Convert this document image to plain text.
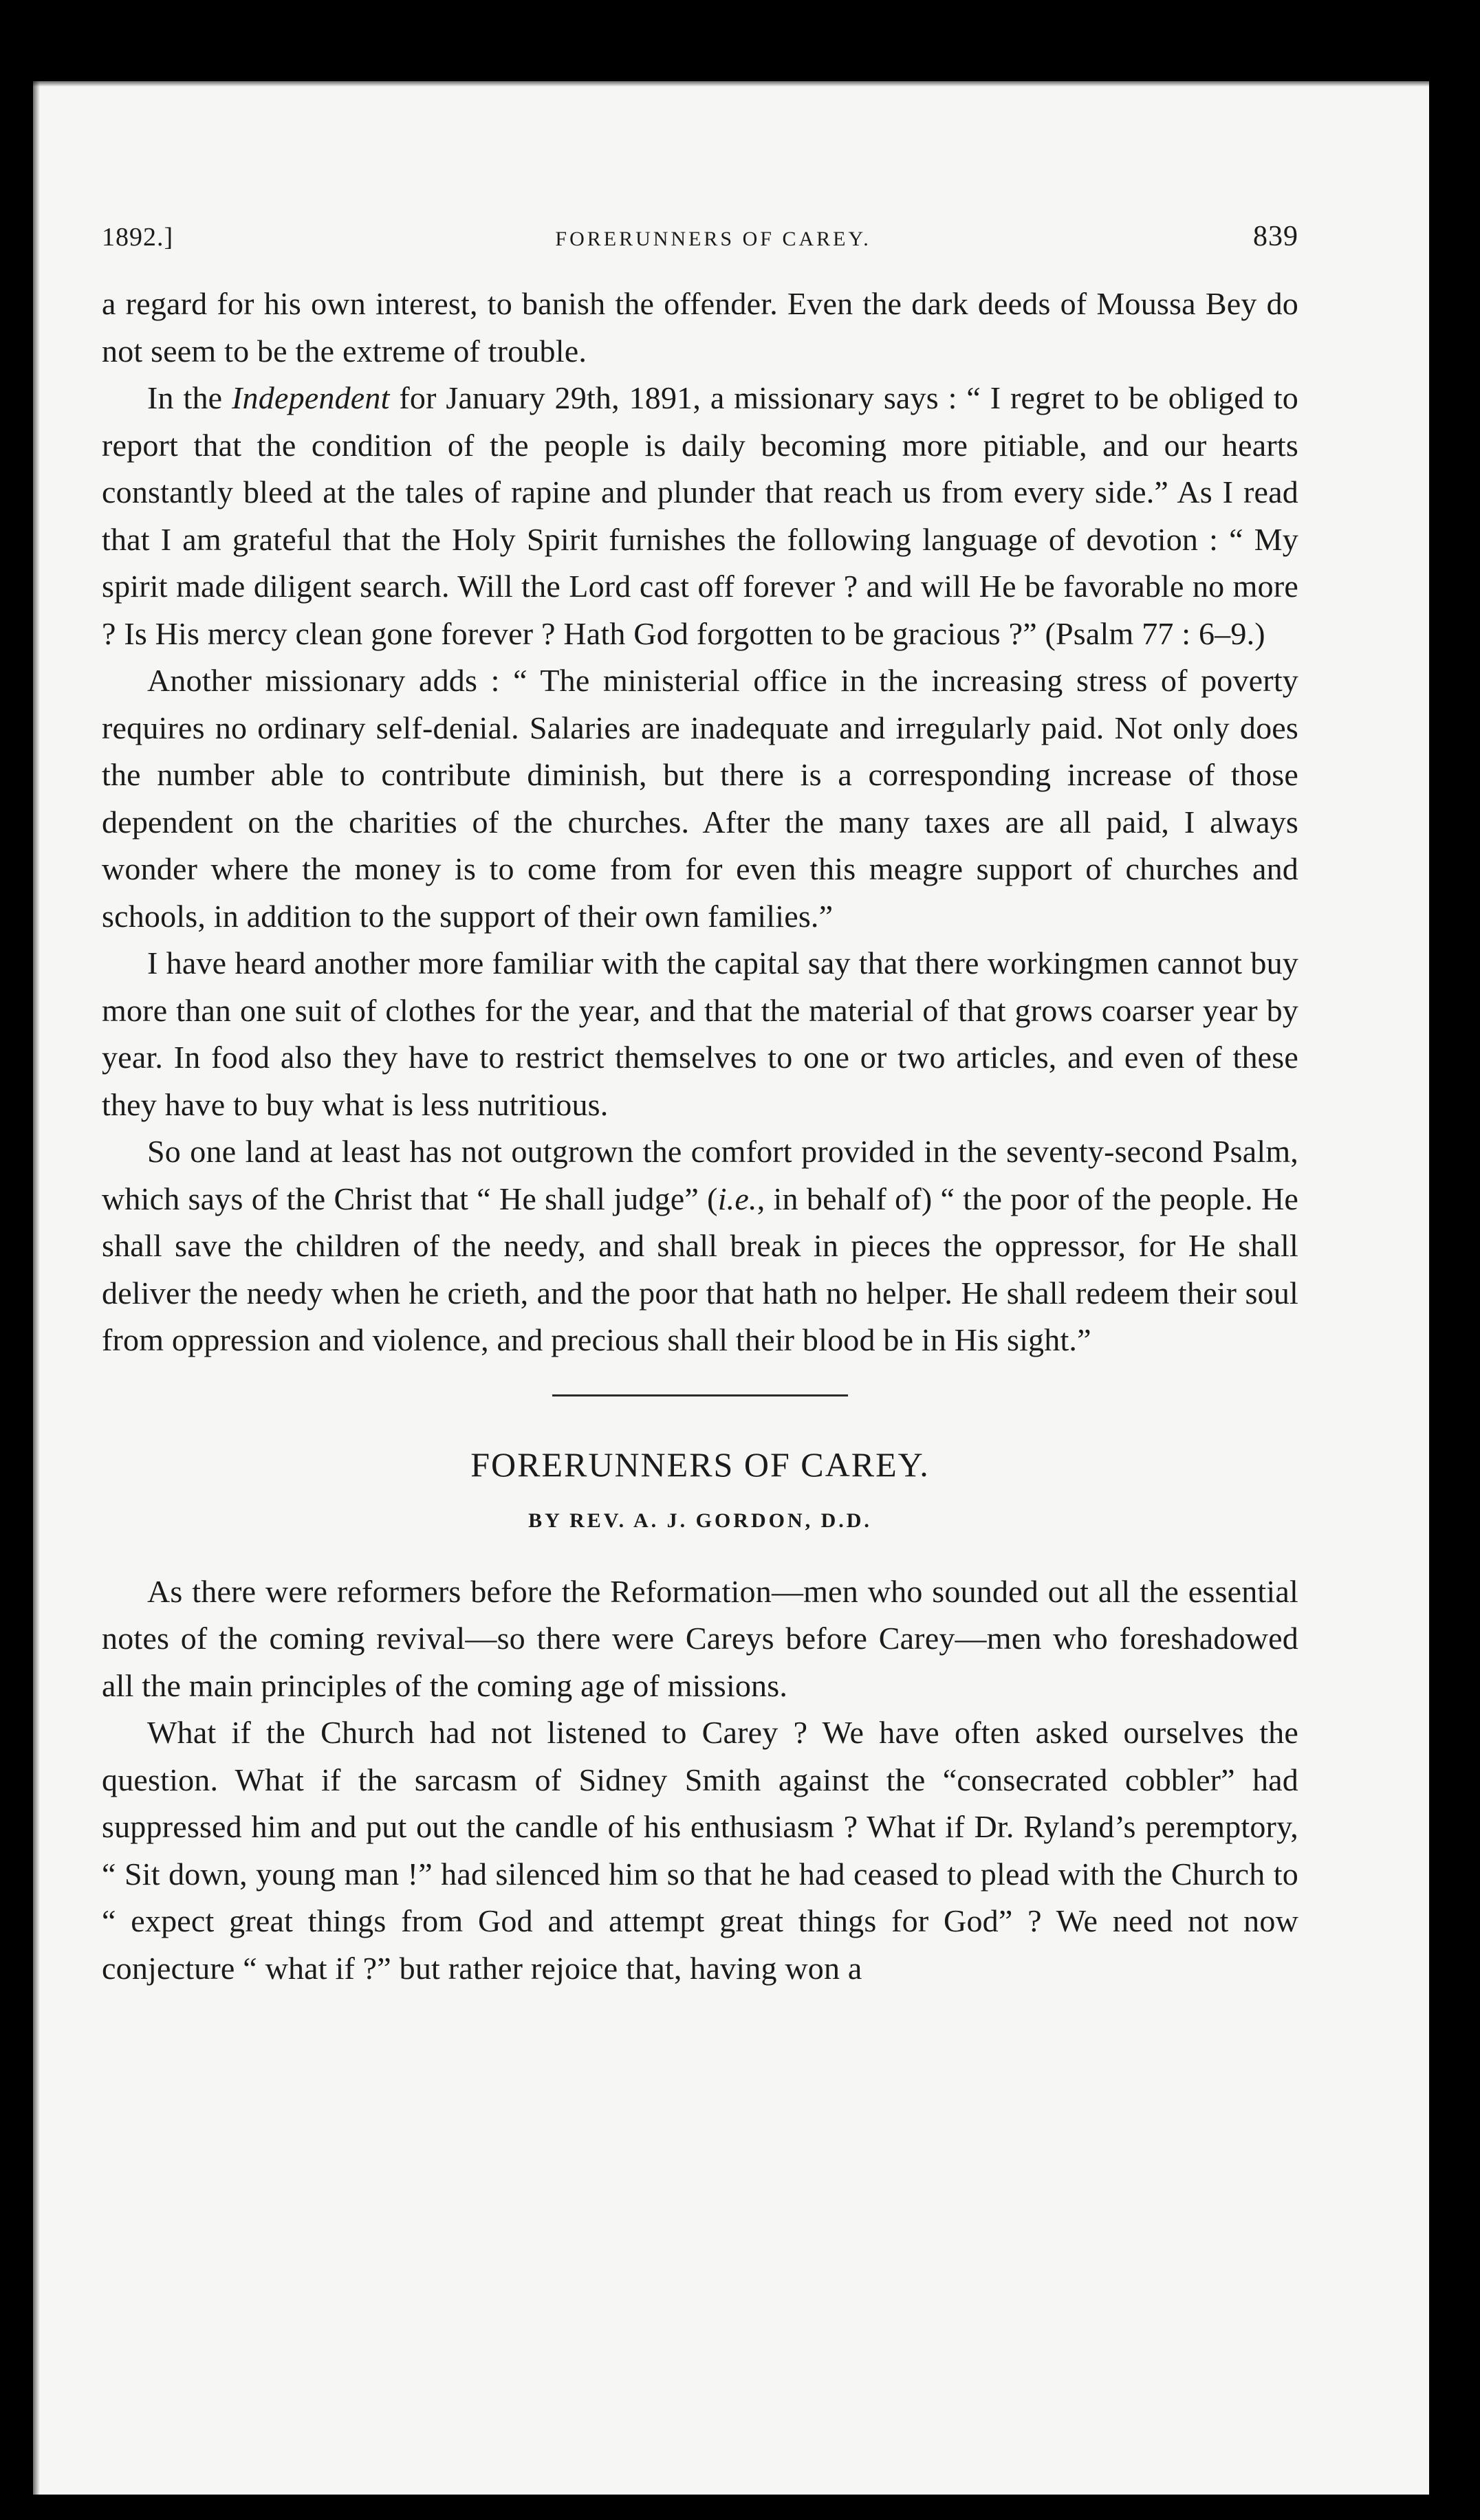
1892.]	FORERUNNERS OF CAREY.	839

a regard for his own interest, to banish the offender. Even the dark deeds of Moussa Bey do not seem to be the extreme of trouble.

In the Independent for January 29th, 1891, a missionary says : “ I regret to be obliged to report that the condition of the people is daily becoming more pitiable, and our hearts constantly bleed at the tales of rapine and plunder that reach us from every side.” As I read that I am grateful that the Holy Spirit furnishes the following language of devotion : “ My spirit made diligent search. Will the Lord cast off forever ? and will He be favorable no more ? Is His mercy clean gone forever ? Hath God forgotten to be gracious ?” (Psalm 77 : 6–9.)

Another missionary adds : “ The ministerial office in the increasing stress of poverty requires no ordinary self-denial. Salaries are inadequate and irregularly paid. Not only does the number able to contribute diminish, but there is a corresponding increase of those dependent on the charities of the churches. After the many taxes are all paid, I always wonder where the money is to come from for even this meagre support of churches and schools, in addition to the support of their own families.”

I have heard another more familiar with the capital say that there workingmen cannot buy more than one suit of clothes for the year, and that the material of that grows coarser year by year. In food also they have to restrict themselves to one or two articles, and even of these they have to buy what is less nutritious.

So one land at least has not outgrown the comfort provided in the seventy-second Psalm, which says of the Christ that “ He shall judge” (i.e., in behalf of) “ the poor of the people. He shall save the children of the needy, and shall break in pieces the oppressor, for He shall deliver the needy when he crieth, and the poor that hath no helper. He shall redeem their soul from oppression and violence, and precious shall their blood be in His sight.”

FORERUNNERS OF CAREY.
BY REV. A. J. GORDON, D.D.

As there were reformers before the Reformation—men who sounded out all the essential notes of the coming revival—so there were Careys before Carey—men who foreshadowed all the main principles of the coming age of missions.

What if the Church had not listened to Carey ? We have often asked ourselves the question. What if the sarcasm of Sidney Smith against the “consecrated cobbler” had suppressed him and put out the candle of his enthusiasm ? What if Dr. Ryland’s peremptory, “ Sit down, young man !” had silenced him so that he had ceased to plead with the Church to “ expect great things from God and attempt great things for God” ? We need not now conjecture “ what if ?” but rather rejoice that, having won a
